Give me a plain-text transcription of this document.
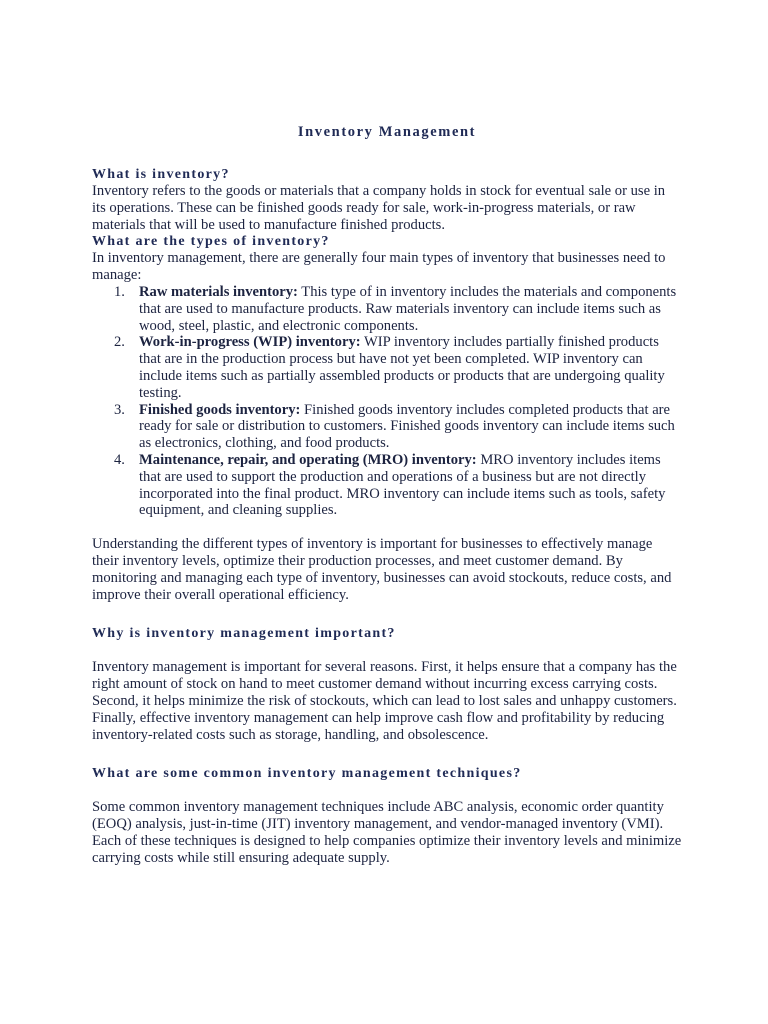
Inventory Management
What is inventory?

Inventory refers to the goods or materials that a company holds in stock for eventual sale or use in its operations. These can be finished goods ready for sale, work-in-progress materials, or raw materials that will be used to manufacture finished products.

What are the types of inventory?

In inventory management, there are generally four main types of inventory that businesses need to manage:

1. Raw materials inventory: This type of in inventory includes the materials and components that are used to manufacture products. Raw materials inventory can include items such as wood, steel, plastic, and electronic components.
2. Work-in-progress (WIP) inventory: WIP inventory includes partially finished products that are in the production process but have not yet been completed. WIP inventory can include items such as partially assembled products or products that are undergoing quality testing.
3. Finished goods inventory: Finished goods inventory includes completed products that are ready for sale or distribution to customers. Finished goods inventory can include items such as electronics, clothing, and food products.
4. Maintenance, repair, and operating (MRO) inventory: MRO inventory includes items that are used to support the production and operations of a business but are not directly incorporated into the final product. MRO inventory can include items such as tools, safety equipment, and cleaning supplies.

Understanding the different types of inventory is important for businesses to effectively manage their inventory levels, optimize their production processes, and meet customer demand. By monitoring and managing each type of inventory, businesses can avoid stockouts, reduce costs, and improve their overall operational efficiency.

Why is inventory management important?

Inventory management is important for several reasons. First, it helps ensure that a company has the right amount of stock on hand to meet customer demand without incurring excess carrying costs. Second, it helps minimize the risk of stockouts, which can lead to lost sales and unhappy customers. Finally, effective inventory management can help improve cash flow and profitability by reducing inventory-related costs such as storage, handling, and obsolescence.

What are some common inventory management techniques?

Some common inventory management techniques include ABC analysis, economic order quantity (EOQ) analysis, just-in-time (JIT) inventory management, and vendor-managed inventory (VMI). Each of these techniques is designed to help companies optimize their inventory levels and minimize carrying costs while still ensuring adequate supply.
